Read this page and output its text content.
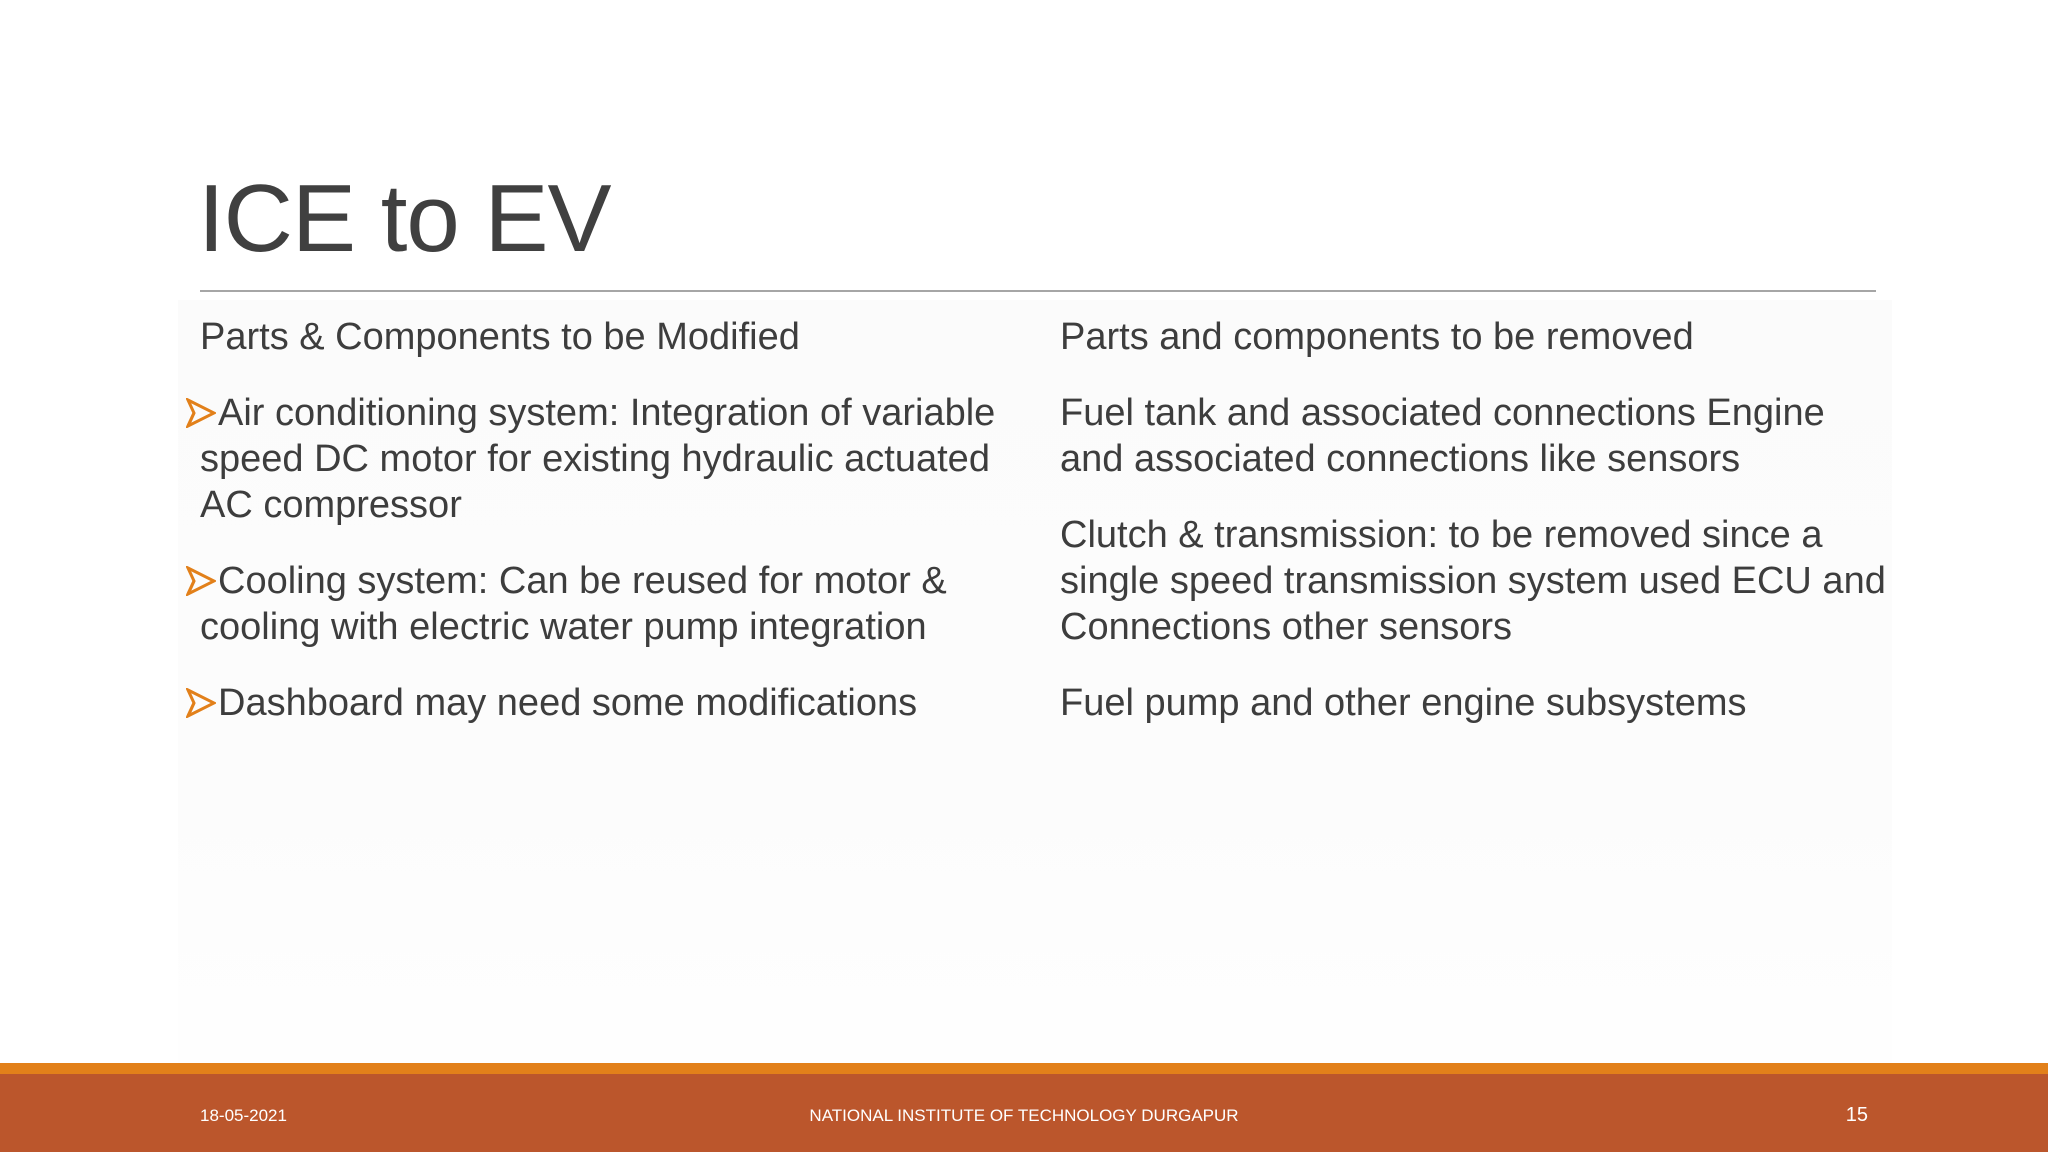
ICE to EV

Parts & Components to be Modified

Air conditioning system: Integration of variable speed DC motor for existing hydraulic actuated AC compressor
Cooling system: Can be reused for motor & cooling with electric water pump integration
Dashboard may need some modifications

Parts and components to be removed

Fuel tank and associated connections Engine and associated connections like sensors

Clutch & transmission: to be removed since a single speed transmission system used ECU and Connections other sensors

Fuel pump and other engine subsystems

18-05-2021	NATIONAL INSTITUTE OF TECHNOLOGY DURGAPUR	15
